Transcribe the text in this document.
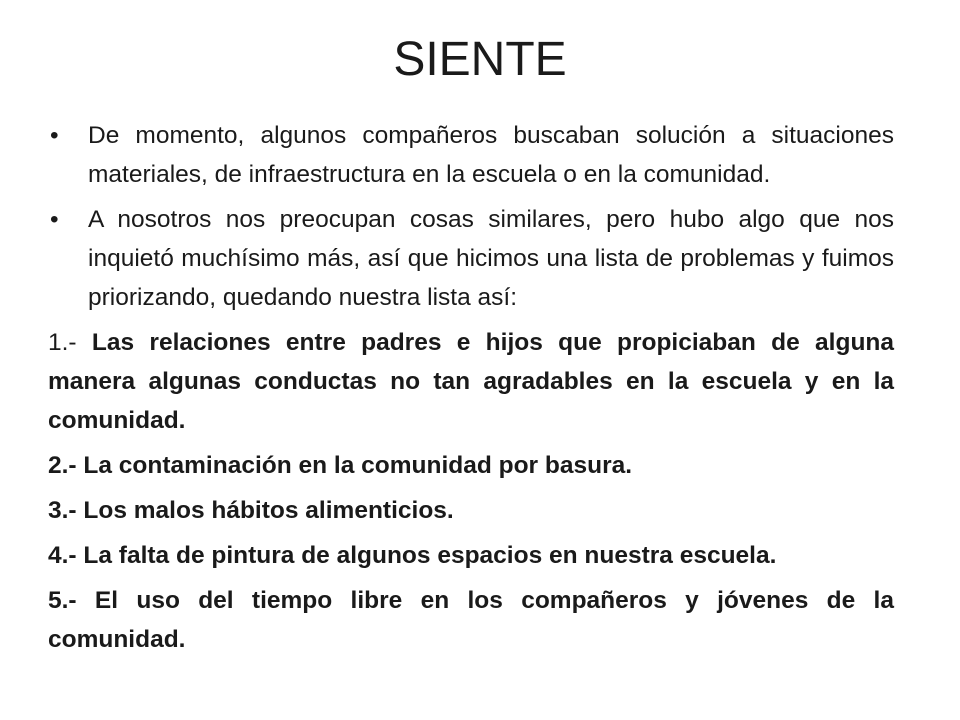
SIENTE
• De momento, algunos compañeros buscaban solución a situaciones materiales, de infraestructura en la escuela o en la comunidad.
• A nosotros nos preocupan cosas similares, pero hubo algo que nos inquietó muchísimo más, así que hicimos una lista de problemas y fuimos priorizando, quedando nuestra lista así:
1.- Las relaciones entre padres e hijos que propiciaban de alguna manera algunas conductas no tan agradables en la escuela y en la comunidad.
2.- La contaminación en la comunidad por basura.
3.- Los malos hábitos alimenticios.
4.- La falta de pintura de algunos espacios en nuestra escuela.
5.- El uso del tiempo libre en los compañeros y jóvenes de la comunidad.
